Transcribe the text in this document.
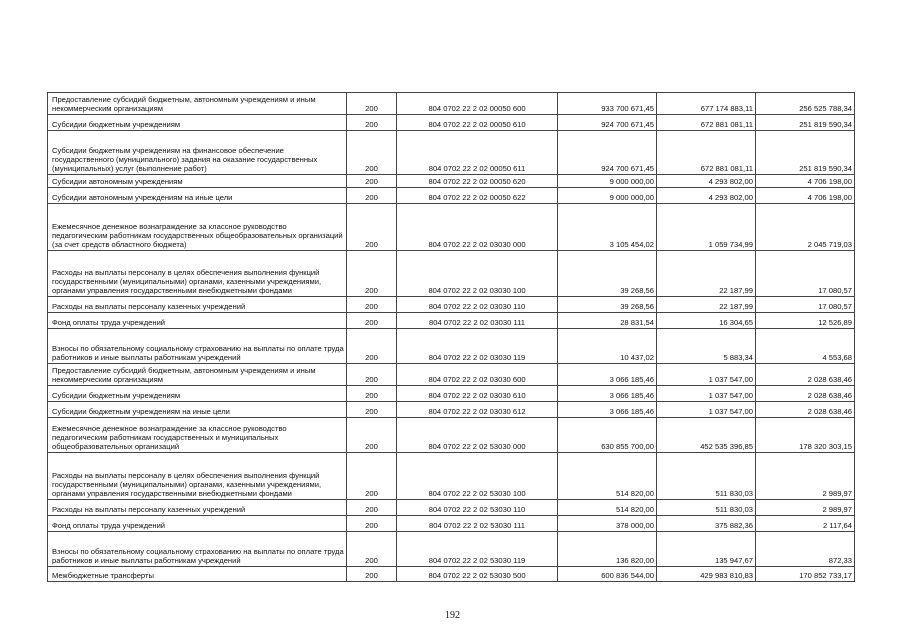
Предоставление субсидий бюджетным, автономным учреждениям и иным некоммерческим организациям	200	804 0702 22 2 02 00050 600	933 700 671,45	677 174 883,11	256 525 788,34
Субсидии бюджетным учреждениям	200	804 0702 22 2 02 00050 610	924 700 671,45	672 881 081,11	251 819 590,34
Субсидии бюджетным учреждениям на финансовое обеспечение государственного (муниципального) задания на оказание государственных (муниципальных) услуг (выполнение работ)	200	804 0702 22 2 02 00050 611	924 700 671,45	672 881 081,11	251 819 590,34
Субсидии автономным учреждениям	200	804 0702 22 2 02 00050 620	9 000 000,00	4 293 802,00	4 706 198,00
Субсидии автономным учреждениям на иные цели	200	804 0702 22 2 02 00050 622	9 000 000,00	4 293 802,00	4 706 198,00
Ежемесячное денежное вознаграждение за классное руководство педагогическим работникам государственных общеобразовательных организаций (за счет средств областного бюджета)	200	804 0702 22 2 02 03030 000	3 105 454,02	1 059 734,99	2 045 719,03
Расходы на выплаты персоналу в целях обеспечения выполнения функций государственными (муниципальными) органами, казенными учреждениями, органами управления государственными внебюджетными фондами	200	804 0702 22 2 02 03030 100	39 268,56	22 187,99	17 080,57
Расходы на выплаты персоналу казенных учреждений	200	804 0702 22 2 02 03030 110	39 268,56	22 187,99	17 080,57
Фонд оплаты труда учреждений	200	804 0702 22 2 02 03030 111	28 831,54	16 304,65	12 526,89
Взносы по обязательному социальному страхованию на выплаты по оплате труда работников и иные выплаты работникам учреждений	200	804 0702 22 2 02 03030 119	10 437,02	5 883,34	4 553,68
Предоставление субсидий бюджетным, автономным учреждениям и иным некоммерческим организациям	200	804 0702 22 2 02 03030 600	3 066 185,46	1 037 547,00	2 028 638,46
Субсидии бюджетным учреждениям	200	804 0702 22 2 02 03030 610	3 066 185,46	1 037 547,00	2 028 638,46
Субсидии бюджетным учреждениям на иные цели	200	804 0702 22 2 02 03030 612	3 066 185,46	1 037 547,00	2 028 638,46
Ежемесячное денежное вознаграждение за классное руководство педагогическим работникам государственных и муниципальных общеобразовательных организаций	200	804 0702 22 2 02 53030 000	630 855 700,00	452 535 396,85	178 320 303,15
Расходы на выплаты персоналу в целях обеспечения выполнения функций государственными (муниципальными) органами, казенными учреждениями, органами управления государственными внебюджетными фондами	200	804 0702 22 2 02 53030 100	514 820,00	511 830,03	2 989,97
Расходы на выплаты персоналу казенных учреждений	200	804 0702 22 2 02 53030 110	514 820,00	511 830,03	2 989,97
Фонд оплаты труда учреждений	200	804 0702 22 2 02 53030 111	378 000,00	375 882,36	2 117,64
Взносы по обязательному социальному страхованию на выплаты по оплате труда работников и иные выплаты работникам учреждений	200	804 0702 22 2 02 53030 119	136 820,00	135 947,67	872,33
Межбюджетные трансферты	200	804 0702 22 2 02 53030 500	600 836 544,00	429 983 810,83	170 852 733,17
192
